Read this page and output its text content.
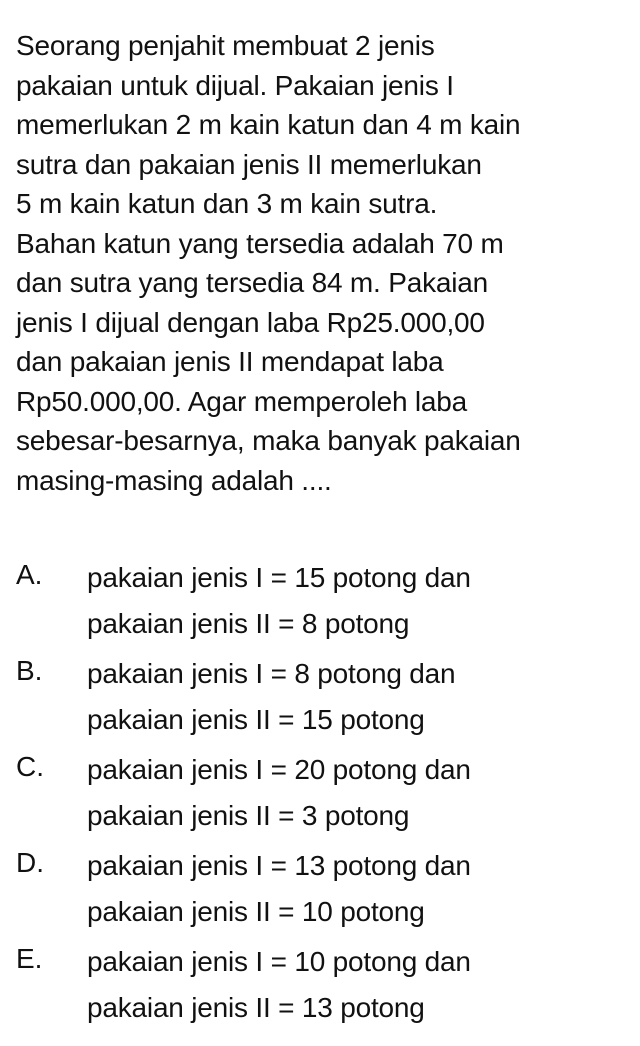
Seorang penjahit membuat 2 jenis
pakaian untuk dijual. Pakaian jenis I
memerlukan 2 m kain katun dan 4 m kain
sutra dan pakaian jenis II memerlukan
5 m kain katun dan 3 m kain sutra.
Bahan katun yang tersedia adalah 70 m
dan sutra yang tersedia 84 m. Pakaian
jenis I dijual dengan laba Rp25.000,00
dan pakaian jenis II mendapat laba
Rp50.000,00. Agar memperoleh laba
sebesar-besarnya, maka banyak pakaian
masing-masing adalah ....
A. pakaian jenis I = 15 potong dan
pakaian jenis II = 8 potong
B. pakaian jenis I = 8 potong dan
pakaian jenis II = 15 potong
C. pakaian jenis I = 20 potong dan
pakaian jenis II = 3 potong
D. pakaian jenis I = 13 potong dan
pakaian jenis II = 10 potong
E. pakaian jenis I = 10 potong dan
pakaian jenis II = 13 potong
